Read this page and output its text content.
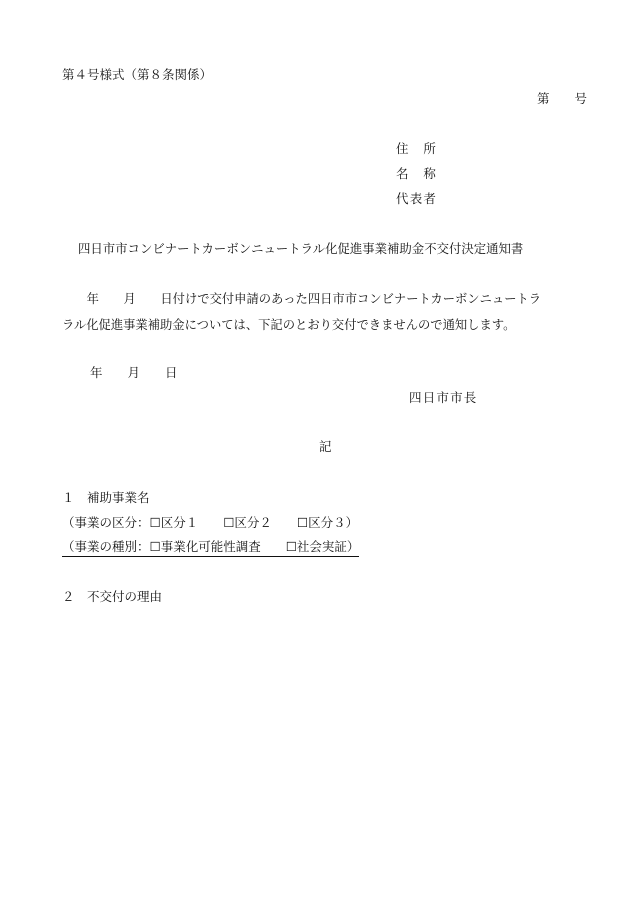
第４号様式（第８条関係）
第　　号
住　所
名　称
代表者
四日市市コンビナートカーボンニュートラル化促進事業補助金不交付決定通知書
　　年　　月　　日付けで交付申請のあった四日市市コンビナートカーボンニュートラ
ラル化促進事業補助金については、下記のとおり交付できませんので通知します。
年　　月　　日
四日市市長
記
１　補助事業名
（事業の区分：☐区分１　　☐区分２　　☐区分３）
（事業の種別：☐事業化可能性調査　　☐社会実証）
２　不交付の理由
